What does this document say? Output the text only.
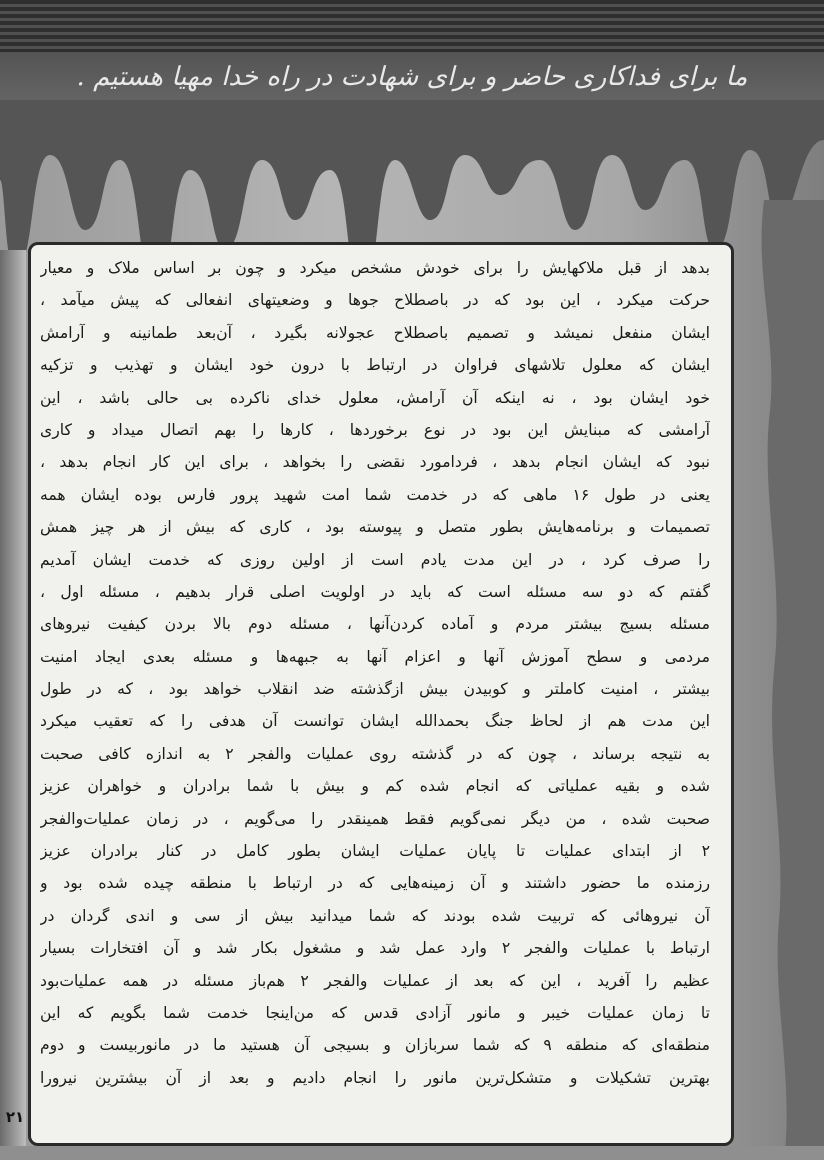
ما برای فداکاری حاضر و برای شهادت در راه خدا مهیا هستیم .
بدهد از قبل ملاکهایش را برای خودش مشخص میکرد و چون بر اساس ملاک و معیار
حرکت میکرد ، این بود که در باصطلاح جوها و وضعیتهای انفعالی که پیش میآمد ،
ایشان منفعل نمیشد و تصمیم باصطلاح عجولانه بگیرد ، آن‌بعد طمانینه و آرامش
ایشان که معلول تلاشهای فراوان در ارتباط با درون خود ایشان و تهذیب و تزکیه
خود ایشان بود ، نه اینکه آن آرامش، معلول خدای ناکرده بی حالی باشد ، این
آرامشی که مبنایش این بود در نوع برخوردها ، کارها را بهم اتصال میداد و کاری
نبود که ایشان انجام بدهد ، فردامورد نقضی را بخواهد ، برای این کار انجام بدهد ،
یعنی در طول ۱۶ ماهی که در خدمت شما امت شهید پرور فارس بوده ایشان همه
تصمیمات و برنامه‌هایش بطور متصل و پیوسته بود ، کاری که بیش از هر چیز همش
را صرف کرد ، در این مدت یادم است از اولین روزی که خدمت ایشان آمدیم
گفتم که دو سه مسئله است که باید در اولویت اصلی قرار بدهیم ، مسئله اول ،
مسئله بسیج بیشتر مردم و آماده کردن‌آنها ، مسئله دوم بالا بردن کیفیت نیروهای
مردمی و سطح آموزش آنها و اعزام آنها به جبهه‌ها و مسئله بعدی ایجاد امنیت
بیشتر ، امنیت کاملتر و کوبیدن بیش ازگذشته ضد انقلاب خواهد بود ، که در طول
این مدت هم از لحاظ جنگ بحمدالله ایشان توانست آن هدفی را که تعقیب میکرد
به نتیجه برساند ، چون که در گذشته روی عملیات والفجر ۲ به اندازه کافی صحبت
شده و بقیه عملیاتی که انجام شده کم و بیش با شما برادران و خواهران عزیز
صحبت شده ، من دیگر نمی‌گویم فقط همینقدر را می‌گویم ، در زمان عملیات‌والفجر
۲ از ابتدای عملیات تا پایان عملیات ایشان بطور کامل در کنار برادران عزیز
رزمنده ما حضور داشتند و آن زمینه‌هایی که در ارتباط با منطقه چیده شده بود و
آن نیروهائی که تربیت شده بودند که شما میدانید بیش از سی و اندی گردان در
ارتباط با عملیات والفجر ۲ وارد عمل شد و مشغول بکار شد و آن افتخارات بسیار
عظیم را آفرید ، این که بعد از عملیات والفجر ۲ هم‌باز مسئله در همه عملیات‌بود
تا زمان عملیات خیبر و مانور آزادی قدس که من‌اینجا خدمت شما بگویم که این
منطقه‌ای که منطقه ۹ که شما سربازان و بسیجی آن هستید ما در مانوربیست و دوم
بهترین تشکیلات و متشکل‌ترین مانور را انجام دادیم و بعد از آن بیشترین نیرورا
۲۱
